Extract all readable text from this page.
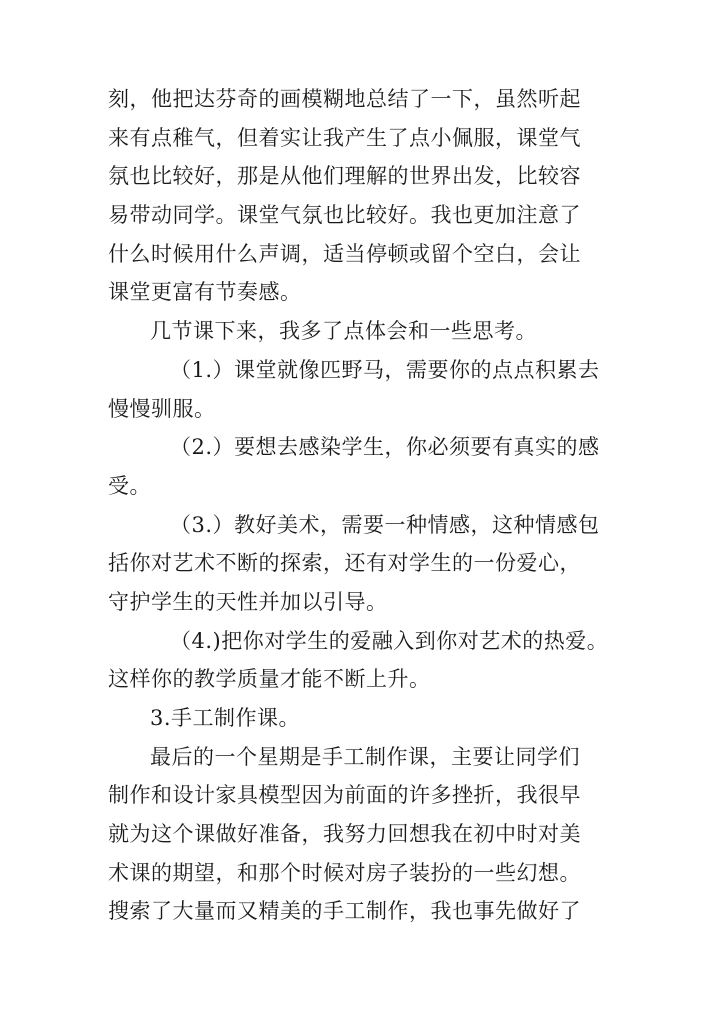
刻，他把达芬奇的画模糊地总结了一下，虽然听起
来有点稚气，但着实让我产生了点小佩服，课堂气
氛也比较好，那是从他们理解的世界出发，比较容
易带动同学。课堂气氛也比较好。我也更加注意了
什么时候用什么声调，适当停顿或留个空白，会让
课堂更富有节奏感。
几节课下来，我多了点体会和一些思考。
（1.）课堂就像匹野马，需要你的点点积累去
慢慢驯服。
（2.）要想去感染学生，你必须要有真实的感
受。
（3.）教好美术，需要一种情感，这种情感包
括你对艺术不断的探索，还有对学生的一份爱心，
守护学生的天性并加以引导。
（4.)把你对学生的爱融入到你对艺术的热爱。
这样你的教学质量才能不断上升。
3.手工制作课。
最后的一个星期是手工制作课，主要让同学们
制作和设计家具模型因为前面的许多挫折，我很早
就为这个课做好准备，我努力回想我在初中时对美
术课的期望，和那个时候对房子装扮的一些幻想。
搜索了大量而又精美的手工制作，我也事先做好了
